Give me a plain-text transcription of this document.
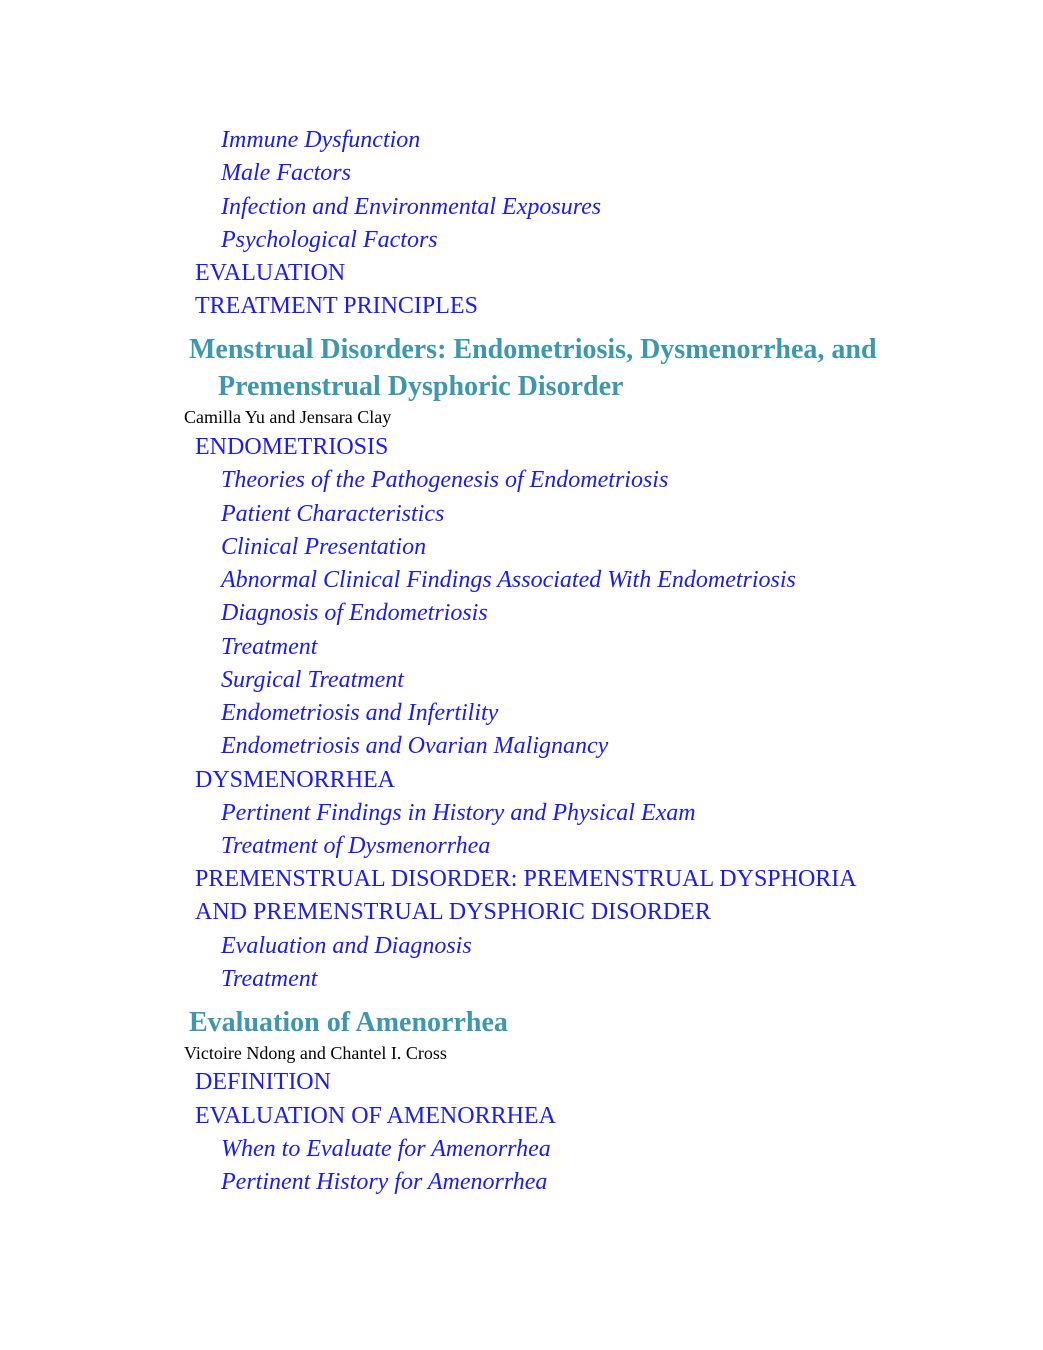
Immune Dysfunction
Male Factors
Infection and Environmental Exposures
Psychological Factors
EVALUATION
TREATMENT PRINCIPLES
Menstrual Disorders: Endometriosis, Dysmenorrhea, and
Premenstrual Dysphoric Disorder
Camilla Yu and Jensara Clay
ENDOMETRIOSIS
Theories of the Pathogenesis of Endometriosis
Patient Characteristics
Clinical Presentation
Abnormal Clinical Findings Associated With Endometriosis
Diagnosis of Endometriosis
Treatment
Surgical Treatment
Endometriosis and Infertility
Endometriosis and Ovarian Malignancy
DYSMENORRHEA
Pertinent Findings in History and Physical Exam
Treatment of Dysmenorrhea
PREMENSTRUAL DISORDER: PREMENSTRUAL DYSPHORIA
AND PREMENSTRUAL DYSPHORIC DISORDER
Evaluation and Diagnosis
Treatment
Evaluation of Amenorrhea
Victoire Ndong and Chantel I. Cross
DEFINITION
EVALUATION OF AMENORRHEA
When to Evaluate for Amenorrhea
Pertinent History for Amenorrhea
